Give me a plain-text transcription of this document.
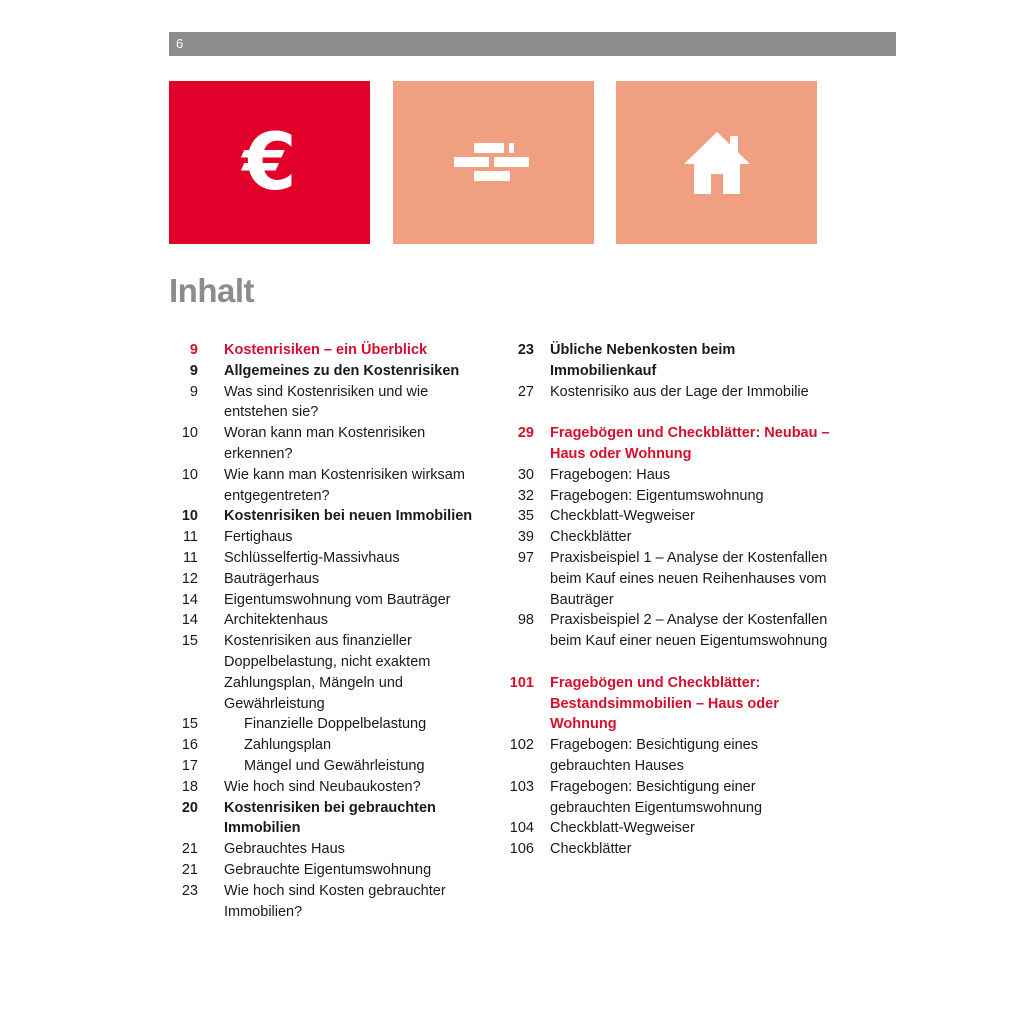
6
€
Inhalt
9 Kostenrisiken – ein Überblick
9 Allgemeines zu den Kostenrisiken
9 Was sind Kostenrisiken und wie entstehen sie?
10 Woran kann man Kostenrisiken erkennen?
10 Wie kann man Kostenrisiken wirksam entgegentreten?
10 Kostenrisiken bei neuen Immobilien
11 Fertighaus
11 Schlüsselfertig-Massivhaus
12 Bauträgerhaus
14 Eigentumswohnung vom Bauträger
14 Architektenhaus
15 Kostenrisiken aus finanzieller Doppelbelastung, nicht exaktem Zahlungsplan, Mängeln und Gewährleistung
15	Finanzielle Doppelbelastung
16	Zahlungsplan
17	Mängel und Gewährleistung
18 Wie hoch sind Neubaukosten?
20 Kostenrisiken bei gebrauchten Immobilien
21 Gebrauchtes Haus
21 Gebrauchte Eigentumswohnung
23 Wie hoch sind Kosten gebrauchter Immobilien?
23 Übliche Nebenkosten beim Immobilienkauf
27 Kostenrisiko aus der Lage der Immobilie
29 Fragebögen und Checkblätter: Neubau – Haus oder Wohnung
30 Fragebogen: Haus
32 Fragebogen: Eigentumswohnung
35 Checkblatt-Wegweiser
39 Checkblätter
97 Praxisbeispiel 1 – Analyse der Kostenfallen beim Kauf eines neuen Reihenhauses vom Bauträger
98 Praxisbeispiel 2 – Analyse der Kostenfallen beim Kauf einer neuen Eigentumswohnung
101 Fragebögen und Checkblätter: Bestandsimmobilien – Haus oder Wohnung
102 Fragebogen: Besichtigung eines gebrauchten Hauses
103 Fragebogen: Besichtigung einer gebrauchten Eigentumswohnung
104 Checkblatt-Wegweiser
106 Checkblätter
